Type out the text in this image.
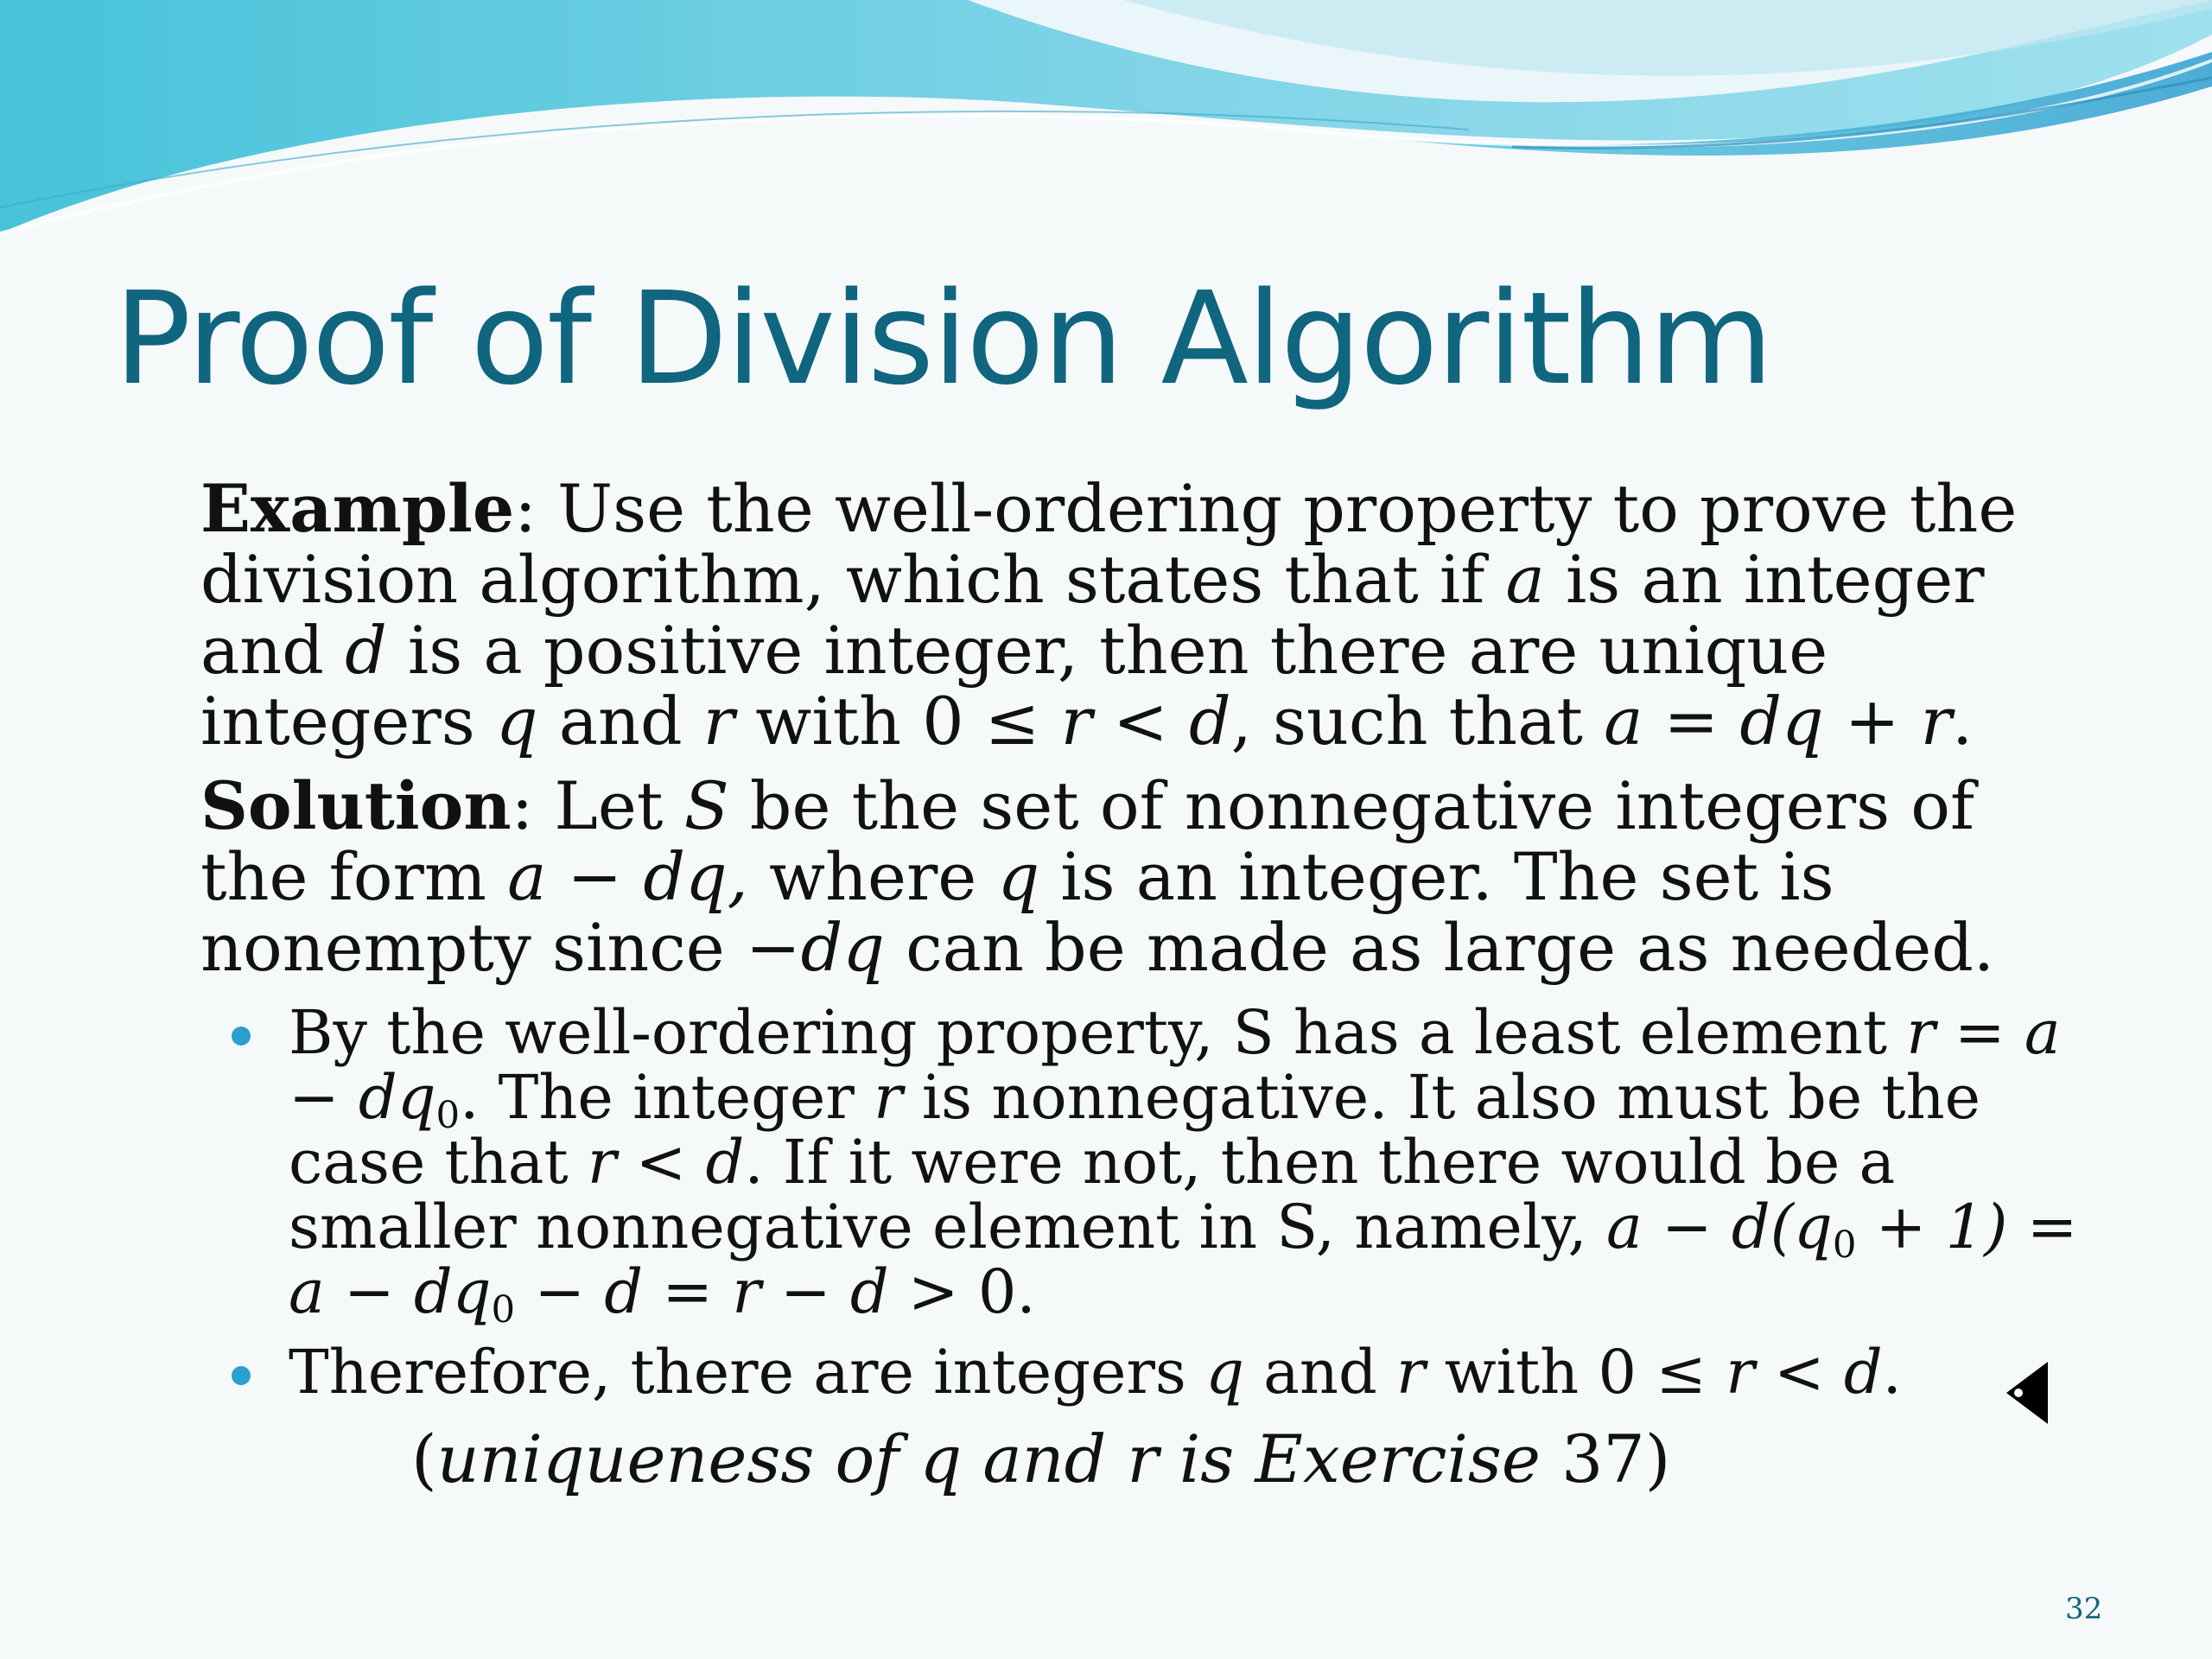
Proof of Division Algorithm

Example: Use the well-ordering property to prove the division algorithm, which states that if a is an integer and d is a positive integer, then there are unique integers q and r with 0 ≤ r < d, such that a = dq + r.

Solution: Let S be the set of nonnegative integers of the form a − dq, where q is an integer. The set is nonempty since −dq can be made as large as needed.

By the well-ordering property, S has a least element $r = a - dq_0$. The integer r is nonnegative. It also must be the case that r < d. If it were not, then there would be a smaller nonnegative element in S, namely, $a - d(q_0 + 1) = a - dq_0 - d = r - d > 0$.
Therefore, there are integers q and r with 0 ≤ r < d.
(uniqueness of q and r is Exercise 37)
32
